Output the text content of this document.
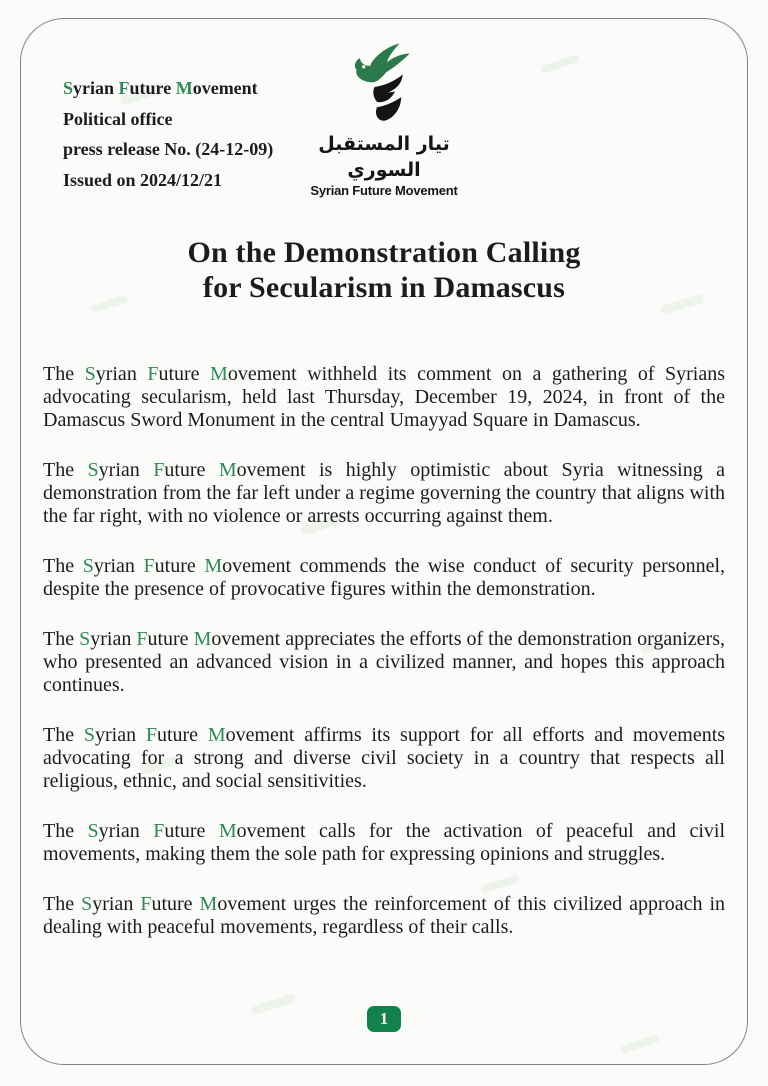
Syrian Future Movement
Political office
press release No. (24-12-09)
Issued on 2024/12/21
تيار المستقبل السوري
Syrian Future Movement
On the Demonstration Calling
for Secularism in Damascus

The Syrian Future Movement withheld its comment on a gathering of Syrians advocating secularism, held last Thursday, December 19, 2024, in front of the Damascus Sword Monument in the central Umayyad Square in Damascus.

The Syrian Future Movement is highly optimistic about Syria witnessing a demonstration from the far left under a regime governing the country that aligns with the far right, with no violence or arrests occurring against them.

The Syrian Future Movement commends the wise conduct of security personnel, despite the presence of provocative figures within the demonstration.

The Syrian Future Movement appreciates the efforts of the demonstration organizers, who presented an advanced vision in a civilized manner, and hopes this approach continues.

The Syrian Future Movement affirms its support for all efforts and movements advocating for a strong and diverse civil society in a country that respects all religious, ethnic, and social sensitivities.

The Syrian Future Movement calls for the activation of peaceful and civil movements, making them the sole path for expressing opinions and struggles.

The Syrian Future Movement urges the reinforcement of this civilized approach in dealing with peaceful movements, regardless of their calls.

1
